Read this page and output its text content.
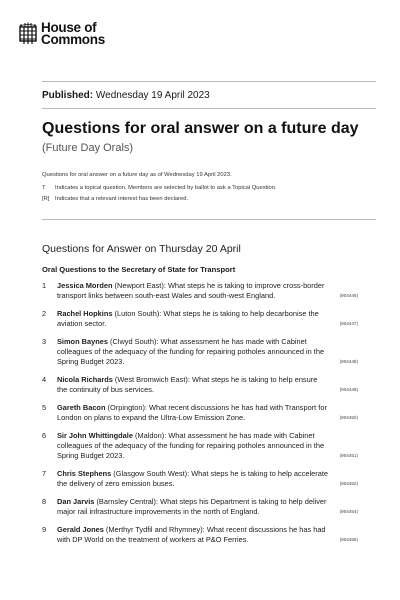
House of
Commons
Published: Wednesday 19 April 2023
Questions for oral answer on a future day
(Future Day Orals)
Questions for oral answer on a future day as of Wednesday 19 April 2023.
T	Indicates a topical question. Members are selected by ballot to ask a Topical Question.
[R] Indicates that a relevant interest has been declared.
Questions for Answer on Thursday 20 April
Oral Questions to the Secretary of State for Transport
1 Jessica Morden (Newport East): What steps he is taking to improve cross-border transport links between south-east Wales and south-west England.	(904446)
2 Rachel Hopkins (Luton South): What steps he is taking to help decarbonise the aviation sector.	(904447)
3 Simon Baynes (Clwyd South): What assessment he has made with Cabinet colleagues of the adequacy of the funding for repairing potholes announced in the Spring Budget 2023.	(904448)
4 Nicola Richards (West Bromwich East): What steps he is taking to help ensure the continuity of bus services.	(904449)
5 Gareth Bacon (Orpington): What recent discussions he has had with Transport for London on plans to expand the Ultra-Low Emission Zone.	(904450)
6 Sir John Whittingdale (Maldon): What assessment he has made with Cabinet colleagues of the adequacy of the funding for repairing potholes announced in the Spring Budget 2023.	(904451)
7 Chris Stephens (Glasgow South West): What steps he is taking to help accelerate the delivery of zero emission buses.	(904452)
8 Dan Jarvis (Barnsley Central): What steps his Department is taking to help deliver major rail infrastructure improvements in the north of England.	(904454)
9 Gerald Jones (Merthyr Tydfil and Rhymney): What recent discussions he has had with DP World on the treatment of workers at P&O Ferries.	(904455)
